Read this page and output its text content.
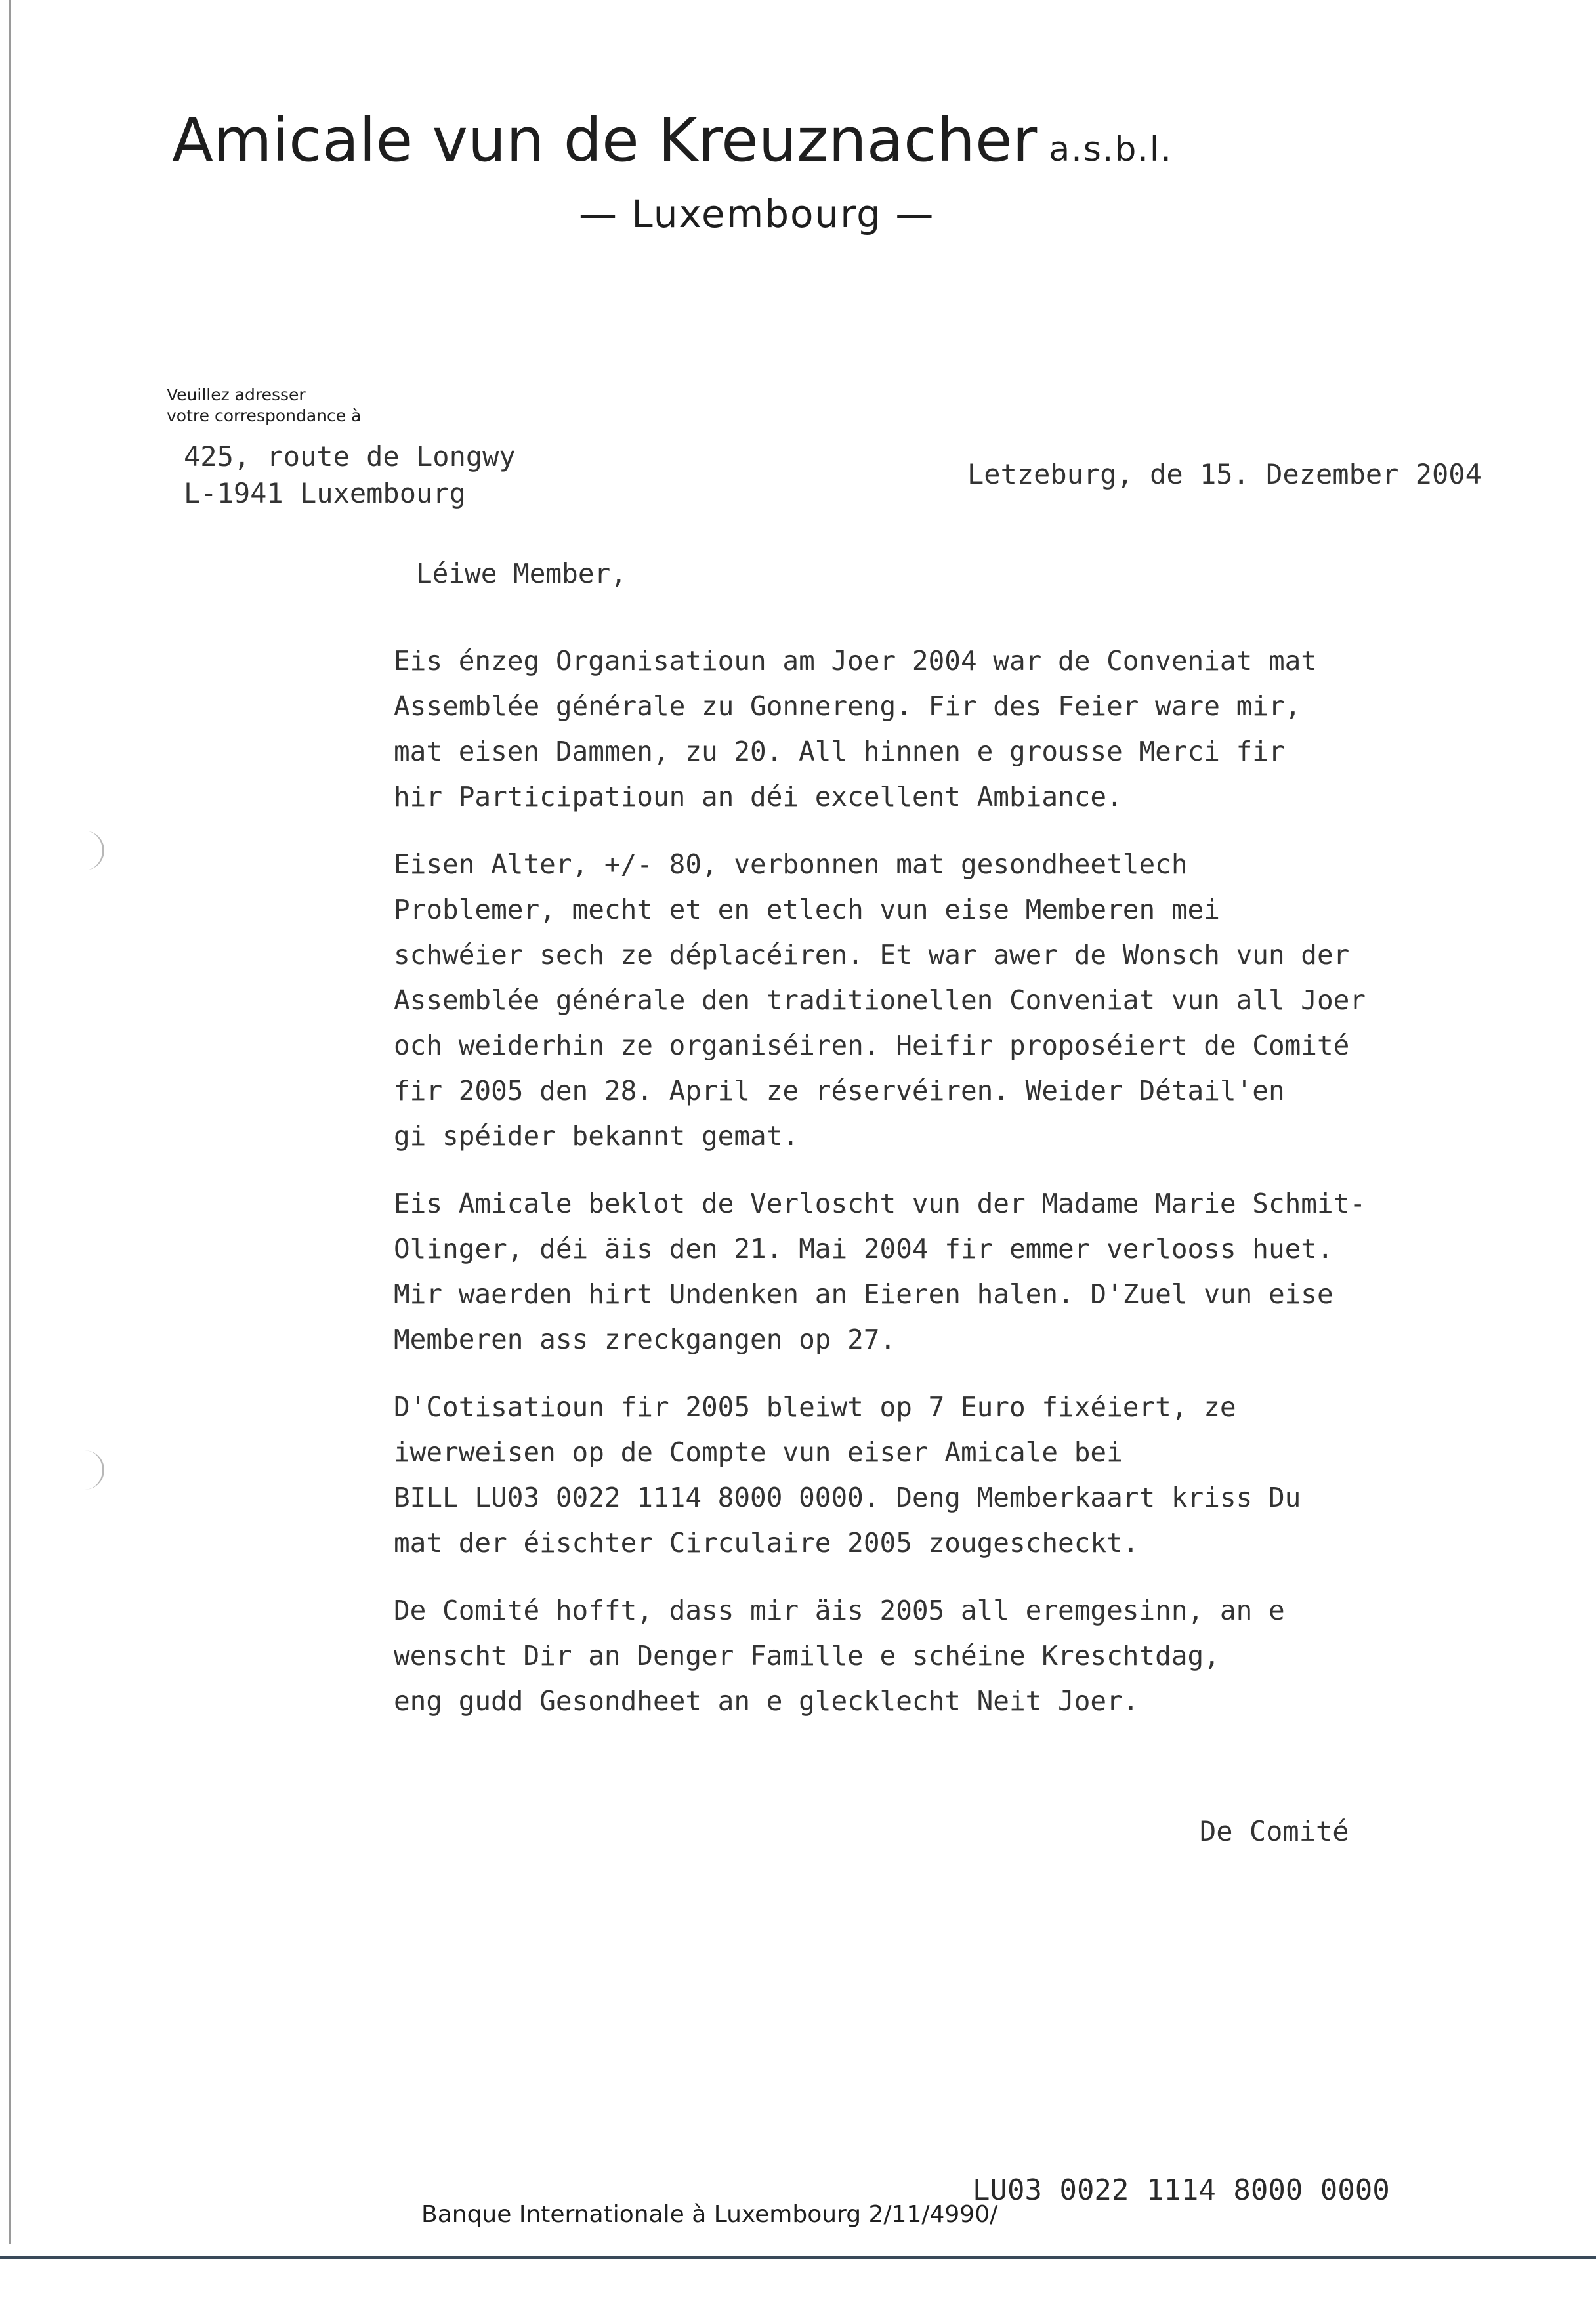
Amicale vun de Kreuznacher a.s.b.l.
— Luxembourg —
Veuillez adresser
votre correspondance à
425, route de Longwy
L-1941 Luxembourg
Letzeburg, de 15. Dezember 2004
Léiwe Member,
Eis énzeg Organisatioun am Joer 2004 war de Conveniat mat
Assemblée générale zu Gonnereng. Fir des Feier ware mir,
mat eisen Dammen, zu 20. All hinnen e grousse Merci fir
hir Participatioun an déi excellent Ambiance.
Eisen Alter, +/- 80, verbonnen mat gesondheetlech
Problemer, mecht et en etlech vun eise Memberen mei
schwéier sech ze déplacéiren. Et war awer de Wonsch vun der
Assemblée générale den traditionellen Conveniat vun all Joer
och weiderhin ze organiséiren. Heifir proposéiert de Comité
fir 2005 den 28. April ze réservéiren. Weider Détail'en
gi spéider bekannt gemat.
Eis Amicale beklot de Verloscht vun der Madame Marie Schmit-
Olinger, déi äis den 21. Mai 2004 fir emmer verlooss huet.
Mir waerden hirt Undenken an Eieren halen. D'Zuel vun eise
Memberen ass zreckgangen op 27.
D'Cotisatioun fir 2005 bleiwt op 7 Euro fixéiert, ze
iwerweisen op de Compte vun eiser Amicale bei
BILL LU03 0022 1114 8000 0000. Deng Memberkaart kriss Du
mat der éischter Circulaire 2005 zougescheckt.
De Comité hofft, dass mir äis 2005 all eremgesinn, an e
wenscht Dir an Denger Famille e schéine Kreschtdag,
eng gudd Gesondheet an e glecklecht Neit Joer.
De Comité
LU03 0022 1114 8000 0000
Banque Internationale à Luxembourg 2/11/4990/
